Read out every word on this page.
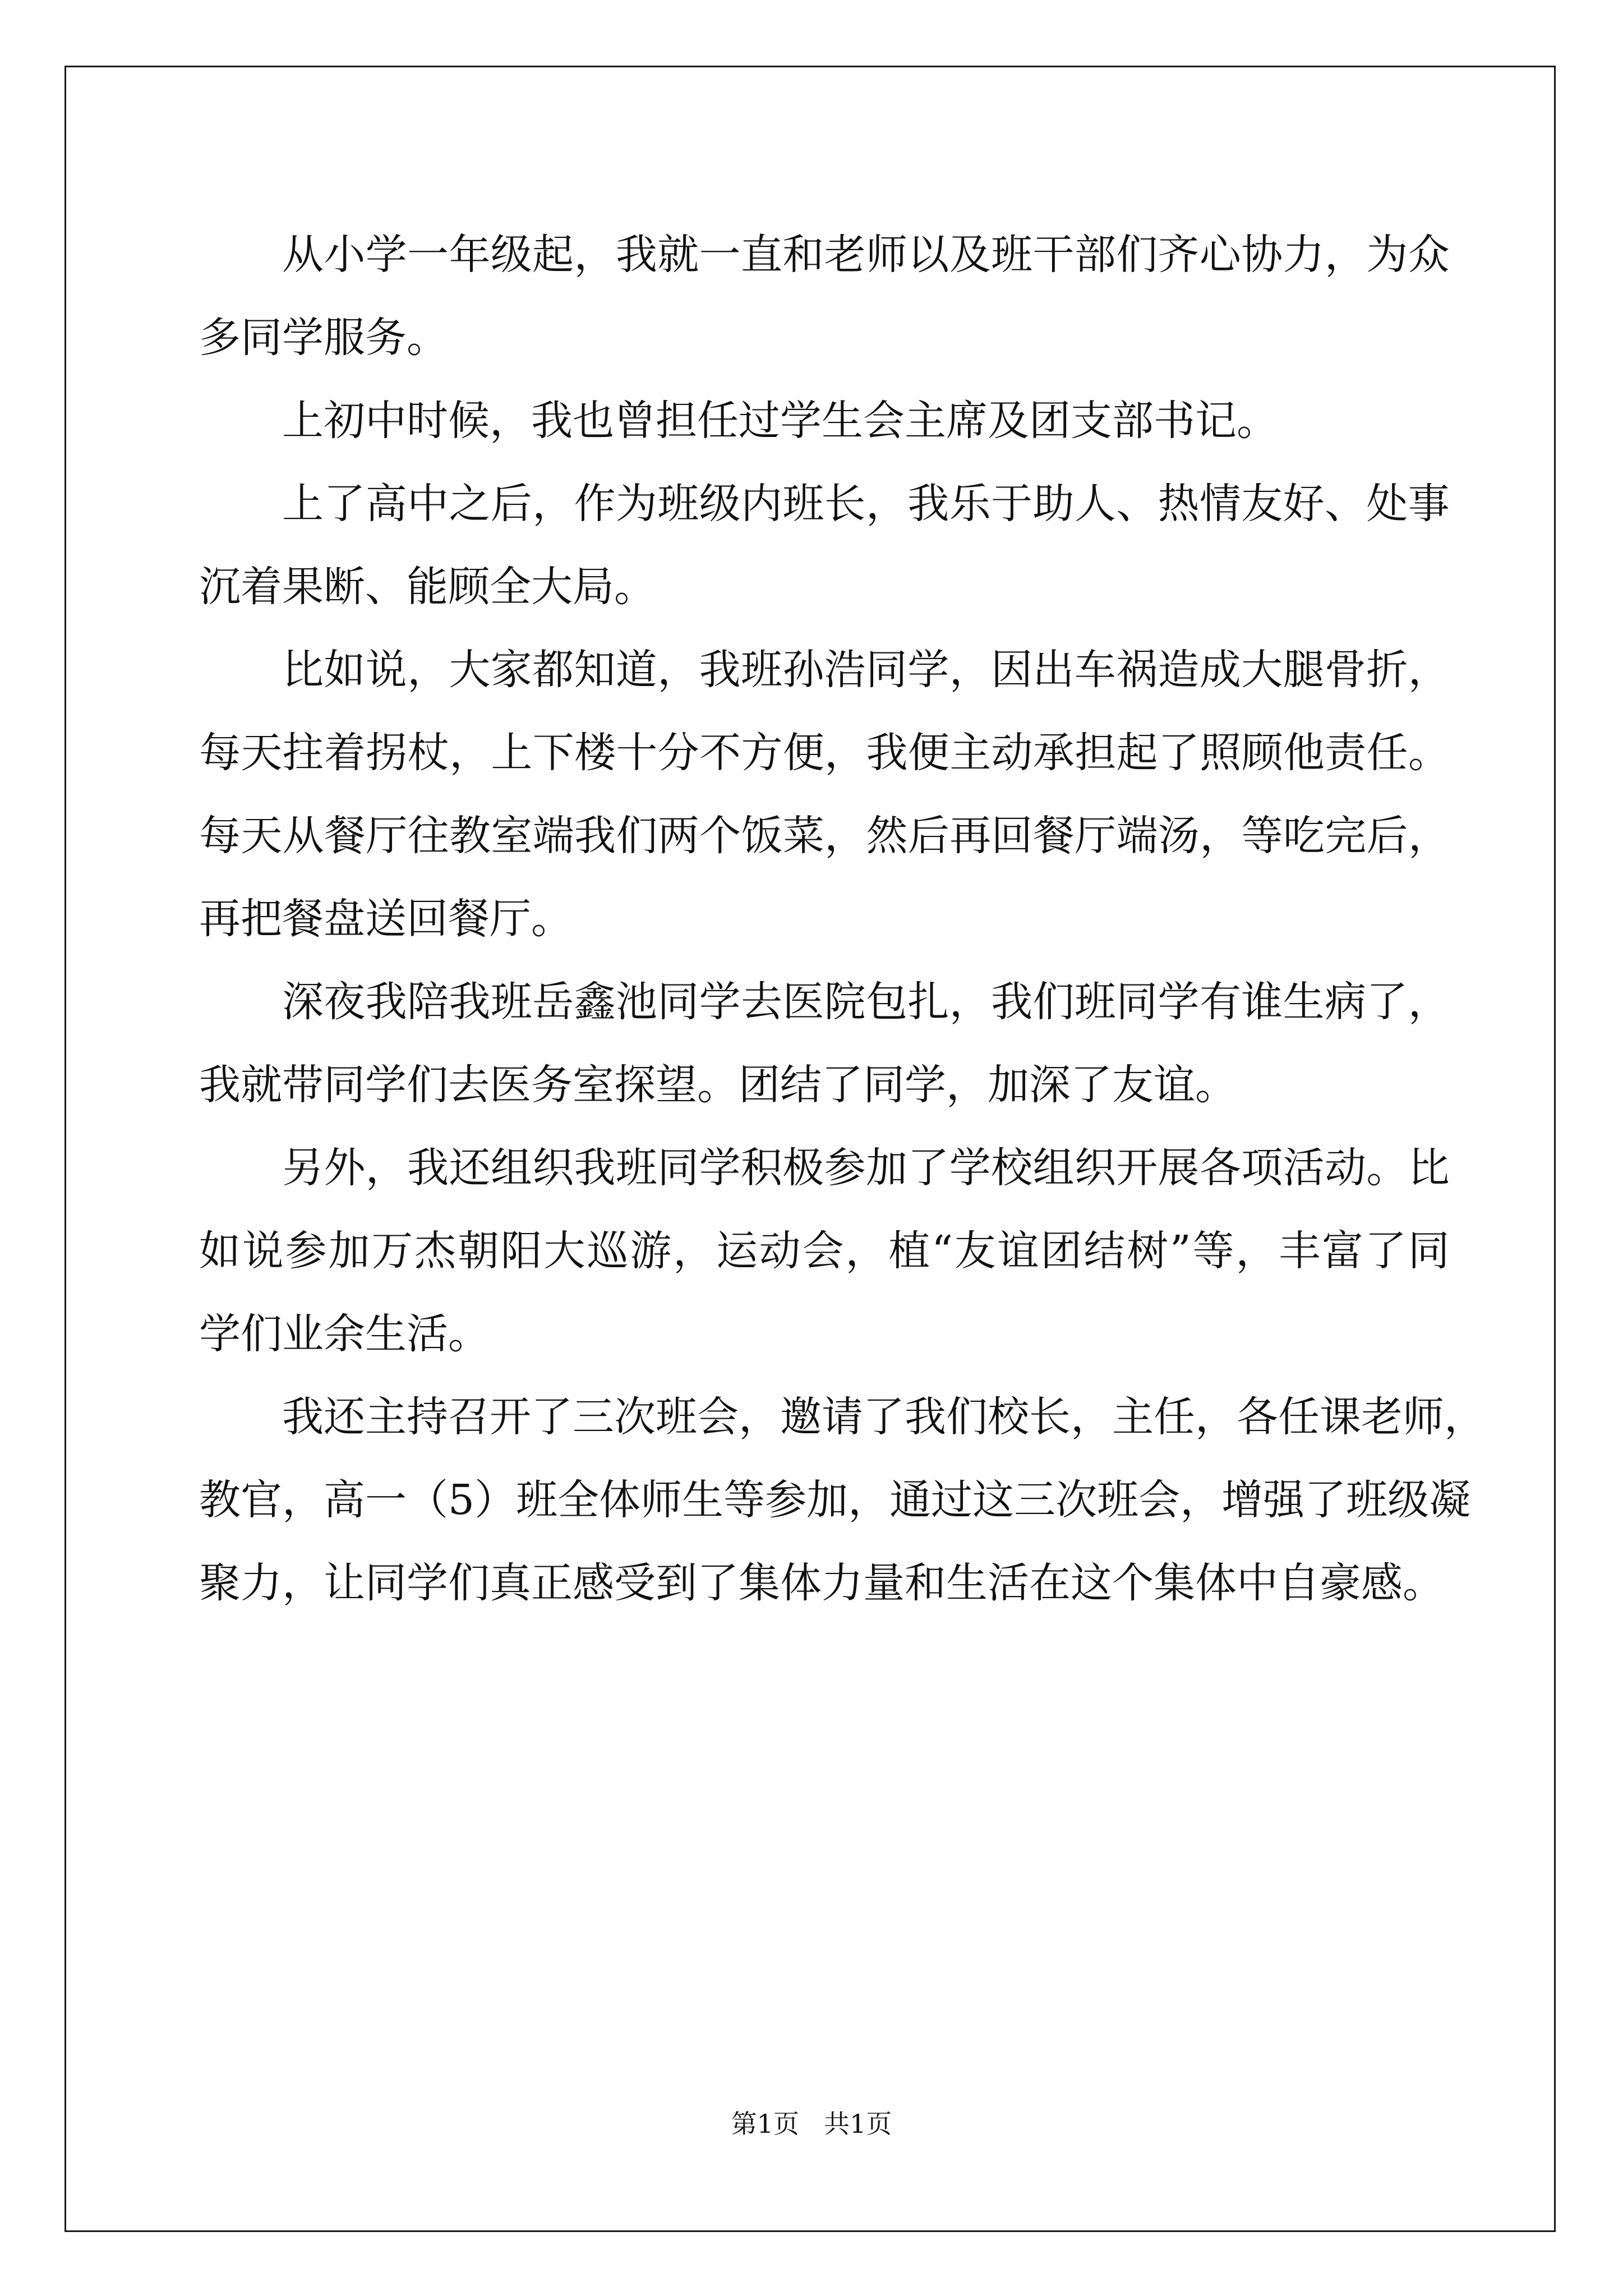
从 小 学 一 年 级 起 ， 我 就 一 直 和 老 师 以 及 班 干 部 们 齐 心 协 力 ， 为 众
多同学服务。
上初中时候，我也曾担任过学生会主席及团支部书记。
上 了 高 中 之 后 ， 作 为 班 级 内 班 长 ， 我 乐 于 助 人 、 热 情 友 好 、 处 事
沉着果断、能顾全大局。
比 如 说 ， 大 家 都 知 道 ， 我 班 孙 浩 同 学 ， 因 出 车 祸 造 成 大 腿 骨 折 ，
每 天 拄 着 拐 杖 ， 上 下 楼 十 分 不 方 便 ， 我 便 主 动 承 担 起 了 照 顾 他 责 任 。
每 天 从 餐 厅 往 教 室 端 我 们 两 个 饭 菜 ， 然 后 再 回 餐 厅 端 汤 ， 等 吃 完 后 ，
再把餐盘送回餐厅。
深 夜 我 陪 我 班 岳 鑫 池 同 学 去 医 院 包 扎 ， 我 们 班 同 学 有 谁 生 病 了 ，
我就带同学们去医务室探望。团结了同学，加深了友谊。
另 外 ， 我 还 组 织 我 班 同 学 积 极 参 加 了 学 校 组 织 开 展 各 项 活 动 。 比
如 说 参 加 万 杰 朝 阳 大 巡 游 ， 运 动 会 ， 植 “ 友 谊 团 结 树 ” 等 ， 丰 富 了 同
学们业余生活。
我 还 主 持 召 开 了 三 次 班 会 ， 邀 请 了 我 们 校 长 ， 主 任 ， 各 任 课 老 师 ，
教 官 ， 高 一 （ 5 ） 班 全 体 师 生 等 参 加 ， 通 过 这 三 次 班 会 ， 增 强 了 班 级 凝
聚力，让同学们真正感受到了集体力量和生活在这个集体中自豪感。
第1页 共1页
